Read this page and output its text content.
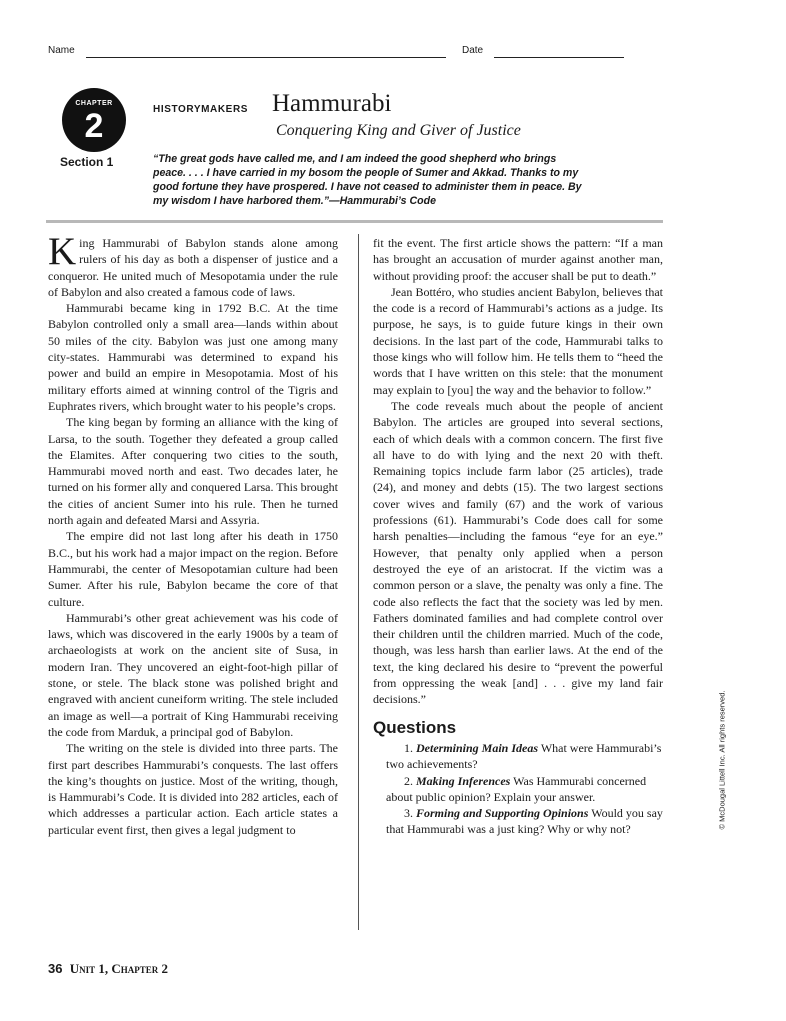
Name	Date
CHAPTER
2
Section 1
HISTORYMAKERS Hammurabi
Conquering King and Giver of Justice
“The great gods have called me, and I am indeed the good shepherd who brings peace. . . . I have carried in my bosom the people of Sumer and Akkad. Thanks to my good fortune they have prospered. I have not ceased to administer them in peace. By my wisdom I have harbored them.”—Hammurabi’s Code

King Hammurabi of Babylon stands alone among rulers of his day as both a dispenser of justice and a conqueror. He united much of Mesopotamia under the rule of Babylon and also created a famous code of laws.

Hammurabi became king in 1792 B.C. At the time Babylon controlled only a small area—lands within about 50 miles of the city. Babylon was just one among many city-states. Hammurabi was determined to expand his power and build an empire in Mesopotamia. Most of his military efforts aimed at winning control of the Tigris and Euphrates rivers, which brought water to his people’s crops.

The king began by forming an alliance with the king of Larsa, to the south. Together they defeated a group called the Elamites. After conquering two cities to the south, Hammurabi moved north and east. Two decades later, he turned on his former ally and conquered Larsa. This brought the cities of ancient Sumer into his rule. Then he turned north again and defeated Marsi and Assyria.

The empire did not last long after his death in 1750 B.C., but his work had a major impact on the region. Before Hammurabi, the center of Mesopotamian culture had been Sumer. After his rule, Babylon became the core of that culture.

Hammurabi’s other great achievement was his code of laws, which was discovered in the early 1900s by a team of archaeologists at work on the ancient site of Susa, in modern Iran. They uncovered an eight-foot-high pillar of stone, or stele. The black stone was polished bright and engraved with ancient cuneiform writing. The stele included an image as well—a portrait of King Hammurabi receiving the code from Marduk, a principal god of Babylon.

The writing on the stele is divided into three parts. The first part describes Hammurabi’s conquests. The last offers the king’s thoughts on justice. Most of the writing, though, is Hammurabi’s Code. It is divided into 282 articles, each of which addresses a particular action. Each article states a particular event first, then gives a legal judgment to

fit the event. The first article shows the pattern: “If a man has brought an accusation of murder against another man, without providing proof: the accuser shall be put to death.”

Jean Bottéro, who studies ancient Babylon, believes that the code is a record of Hammurabi’s actions as a judge. Its purpose, he says, is to guide future kings in their own decisions. In the last part of the code, Hammurabi talks to those kings who will follow him. He tells them to “heed the words that I have written on this stele: that the monument may explain to [you] the way and the behavior to follow.”

The code reveals much about the people of ancient Babylon. The articles are grouped into several sections, each of which deals with a common concern. The first five all have to do with lying and the next 20 with theft. Remaining topics include farm labor (25 articles), trade (24), and money and debts (15). The two largest sections cover wives and family (67) and the work of various professions (61). Hammurabi’s Code does call for some harsh penalties—including the famous “eye for an eye.” However, that penalty only applied when a person destroyed the eye of an aristocrat. If the victim was a common person or a slave, the penalty was only a fine. The code also reflects the fact that the society was led by men. Fathers dominated families and had complete control over their children until the children married. Much of the code, though, was less harsh than earlier laws. At the end of the text, the king declared his desire to “prevent the powerful from oppressing the weak [and] . . . give my land fair decisions.”

Questions

1. Determining Main Ideas What were Hammurabi’s two achievements?

2. Making Inferences Was Hammurabi concerned about public opinion? Explain your answer.

3. Forming and Supporting Opinions Would you say that Hammurabi was a just king? Why or why not?	© McDougal Littell Inc. All rights reserved.
36 Unit 1, Chapter 2
